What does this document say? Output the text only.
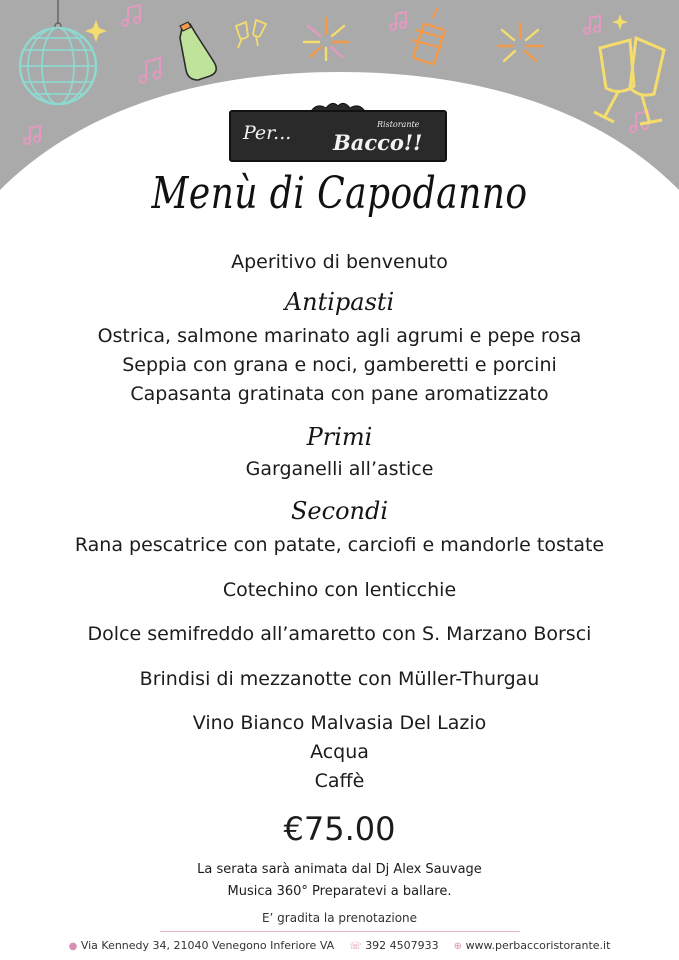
Per...	Ristorante
Bacco!!
Menù di Capodanno
Aperitivo di benvenuto
Antipasti
Ostrica, salmone marinato agli agrumi e pepe rosa
Seppia con grana e noci, gamberetti e porcini
Capasanta gratinata con pane aromatizzato
Primi
Garganelli all’astice
Secondi
Rana pescatrice con patate, carciofi e mandorle tostate
Cotechino con lenticchie
Dolce semifreddo all’amaretto con S. Marzano Borsci
Brindisi di mezzanotte con Müller-Thurgau
Vino Bianco Malvasia Del Lazio
Acqua
Caffè
€75.00
La serata sarà animata dal Dj Alex Sauvage
Musica 360° Preparatevi a ballare.
E’ gradita la prenotazione
● Via Kennedy 34, 21040 Venegono Inferiore VA ☏ 392 4507933 ⊕ www.perbaccoristorante.it
